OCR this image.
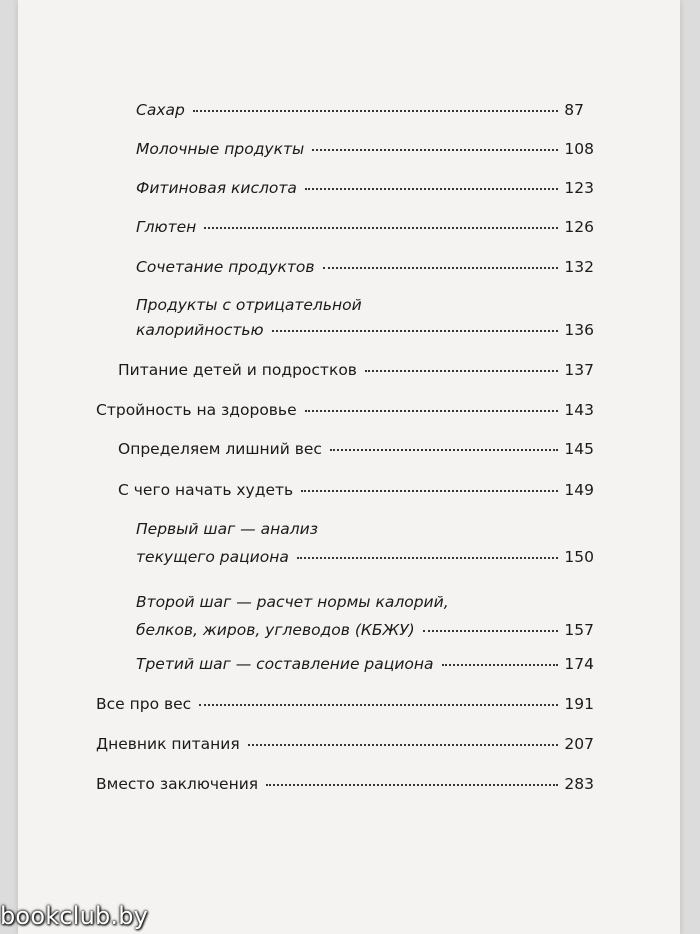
Сахар	87
Молочные продукты	108
Фитиновая кислота	123
Глютен	126
Сочетание продуктов	132
Продукты с отрицательной
калорийностью	136
Питание детей и подростков	137
Стройность на здоровье	143
Определяем лишний вес	145
С чего начать худеть	149
Первый шаг — анализ
текущего рациона	150
Второй шаг — расчет нормы калорий,
белков, жиров, углеводов (КБЖУ)	157
Третий шаг — составление рациона	174
Все про вес	191
Дневник питания	207
Вместо заключения	283
bookclub.by
